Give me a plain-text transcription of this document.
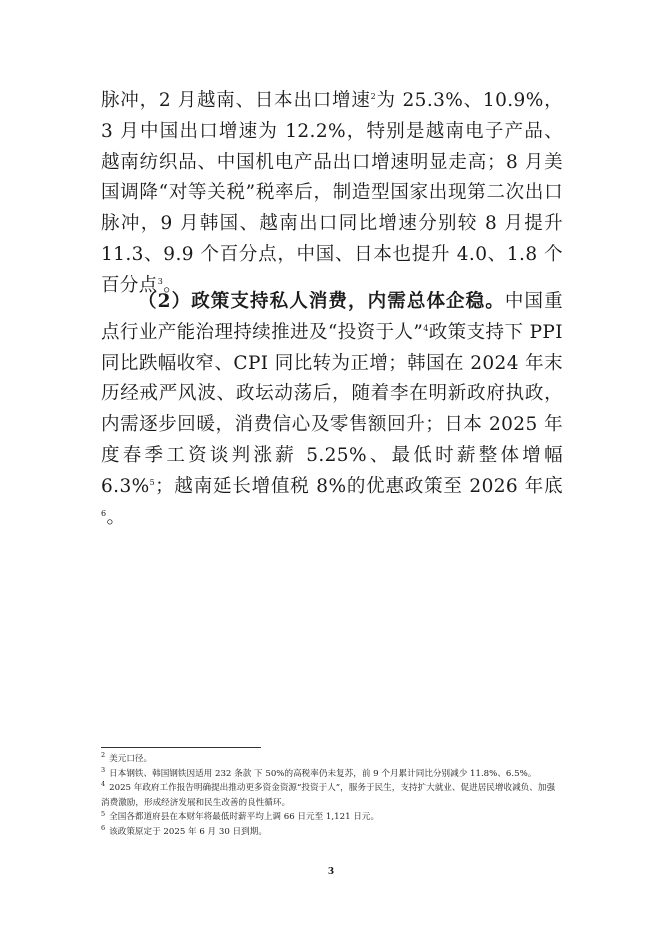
脉冲，2 月越南、日本出口增速$^2$为 25.3%、10.9%，3 月中国出口增速为 12.2%，特别是越南电子产品、越南纺织品、中国机电产品出口增速明显走高；8 月美国调降“对等关税”税率后，制造型国家出现第二次出口脉冲，9 月韩国、越南出口同比增速分别较 8 月提升 11.3、9.9 个百分点，中国、日本也提升 4.0、1.8 个百分点$^3$。

（2）政策支持私人消费，内需总体企稳。中国重点行业产能治理持续推进及“投资于人”$^4$政策支持下 PPI 同比跌幅收窄、CPI 同比转为正增；韩国在 2024 年末历经戒严风波、政坛动荡后，随着李在明新政府执政，内需逐步回暖，消费信心及零售额回升；日本 2025 年度春季工资谈判涨薪 5.25%、最低时薪整体增幅 6.3%$^5$；越南延长增值税 8%的优惠政策至 2026 年底$^6$。

$^2$ 美元口径。

$^3$ 日本钢铁、韩国钢铁因适用 232 条款 下 50%的高税率仍未复苏，前 9 个月累计同比分别减少 11.8%、6.5%。

$^4$ 2025 年政府工作报告明确提出推动更多资金资源“投资于人”，服务于民生，支持扩大就业、促进居民增收减负、加强消费激励，形成经济发展和民生改善的良性循环。

$^5$ 全国各都道府县在本财年将最低时薪平均上调 66 日元至 1,121 日元。

$^6$ 该政策原定于 2025 年 6 月 30 日到期。

3
